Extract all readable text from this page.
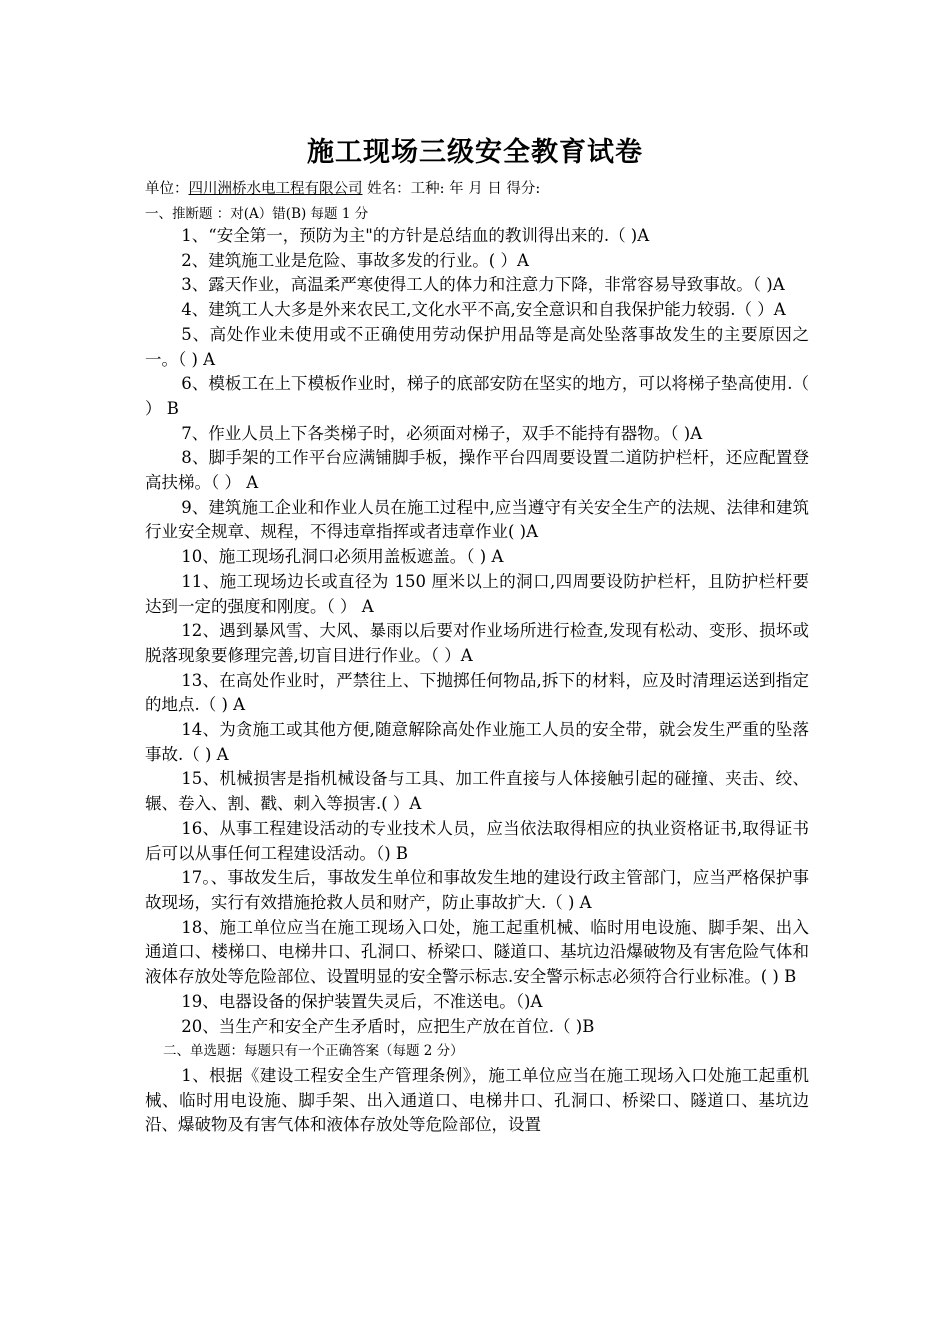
施工现场三级安全教育试卷
单位：四川洲桥水电工程有限公司 姓名：工种: 年 月 日 得分:
一、推断题 ：对(A）错(B) 每题 1 分

1、“安全第一，预防为主"的方针是总结血的教训得出来的.（ )A

2、建筑施工业是危险、事故多发的行业。( ）A

3、露天作业，高温柔严寒使得工人的体力和注意力下降，非常容易导致事故。（ )A

4、建筑工人大多是外来农民工,文化水平不高,安全意识和自我保护能力较弱.（ ）A

5、高处作业未使用或不正确使用劳动保护用品等是高处坠落事故发生的主要原因之一。（ ) A

6、模板工在上下模板作业时，梯子的底部安防在坚实的地方，可以将梯子垫高使用.（ ） B

7、作业人员上下各类梯子时，必须面对梯子，双手不能持有器物。（ )A

8、脚手架的工作平台应满铺脚手板，操作平台四周要设置二道防护栏杆，还应配置登高扶梯。（ ） A

9、建筑施工企业和作业人员在施工过程中,应当遵守有关安全生产的法规、法律和建筑行业安全规章、规程，不得违章指挥或者违章作业( )A

10、施工现场孔洞口必须用盖板遮盖。（ ) A

11、施工现场边长或直径为 150 厘米以上的洞口,四周要设防护栏杆，且防护栏杆要达到一定的强度和刚度。（ ） A

12、遇到暴风雪、大风、暴雨以后要对作业场所进行检查,发现有松动、变形、损坏或脱落现象要修理完善,切盲目进行作业。（ ）A

13、在高处作业时，严禁往上、下抛掷任何物品,拆下的材料，应及时清理运送到指定的地点.（ ) A

14、为贪施工或其他方便,随意解除高处作业施工人员的安全带，就会发生严重的坠落事故.（ ) A

15、机械损害是指机械设备与工具、加工件直接与人体接触引起的碰撞、夹击、绞、辗、卷入、割、戳、刺入等损害.( ）A

16、从事工程建设活动的专业技术人员，应当依法取得相应的执业资格证书,取得证书后可以从事任何工程建设活动。（) B

17。、事故发生后，事故发生单位和事故发生地的建设行政主管部门，应当严格保护事故现场，实行有效措施抢救人员和财产，防止事故扩大.（ ) A

18、施工单位应当在施工现场入口处，施工起重机械、临时用电设施、脚手架、出入通道口、楼梯口、电梯井口、孔洞口、桥梁口、隧道口、基坑边沿爆破物及有害危险气体和液体存放处等危险部位、设置明显的安全警示标志.安全警示标志必须符合行业标准。( ) B

19、电器设备的保护装置失灵后，不准送电。（)A

20、当生产和安全产生矛盾时，应把生产放在首位.（ )B

二、单选题：每题只有一个正确答案（每题 2 分）

1、根据《建设工程安全生产管理条例》，施工单位应当在施工现场入口处施工起重机械、临时用电设施、脚手架、出入通道口、电梯井口、孔洞口、桥梁口、隧道口、基坑边沿、爆破物及有害气体和液体存放处等危险部位，设置
